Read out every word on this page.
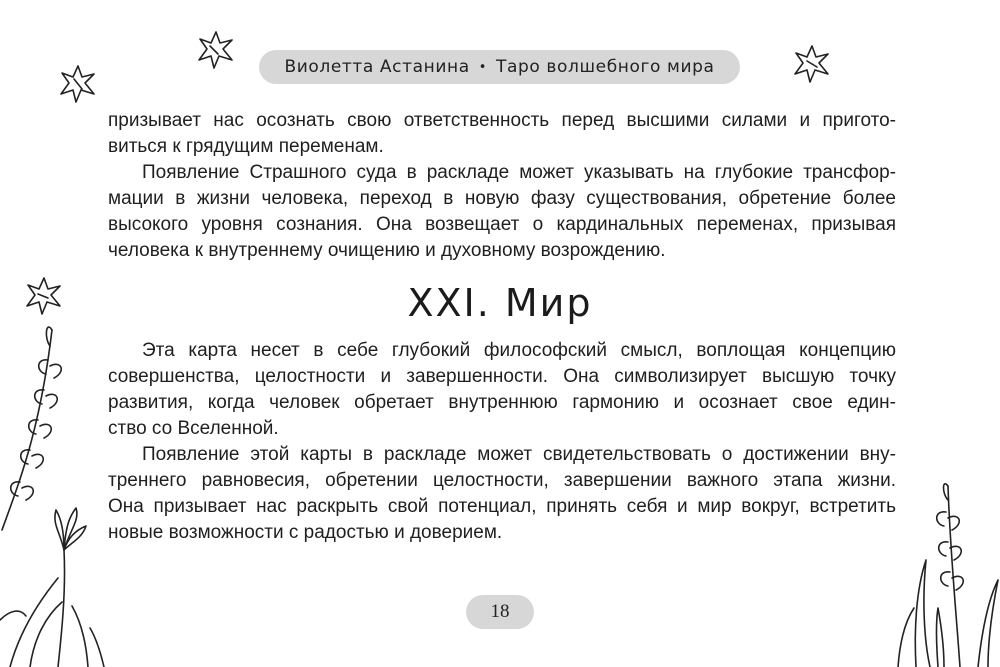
Виолетта Астанина • Таро волшебного мира

призывает нас осознать свою ответственность перед высшими силами и пригото-
виться к грядущим переменам.

Появление Страшного суда в раскладе может указывать на глубокие трансфор-
мации в жизни человека, переход в новую фазу существования, обретение более
высокого уровня сознания. Она возвещает о кардинальных переменах, призывая
человека к внутреннему очищению и духовному возрождению.

XXI. Мир

Эта карта несет в себе глубокий философский смысл, воплощая концепцию
совершенства, целостности и завершенности. Она символизирует высшую точку
развития, когда человек обретает внутреннюю гармонию и осознает свое един-
ство со Вселенной.

Появление этой карты в раскладе может свидетельствовать о достижении вну-
треннего равновесия, обретении целостности, завершении важного этапа жизни.
Она призывает нас раскрыть свой потенциал, принять себя и мир вокруг, встретить
новые возможности с радостью и доверием.

18
